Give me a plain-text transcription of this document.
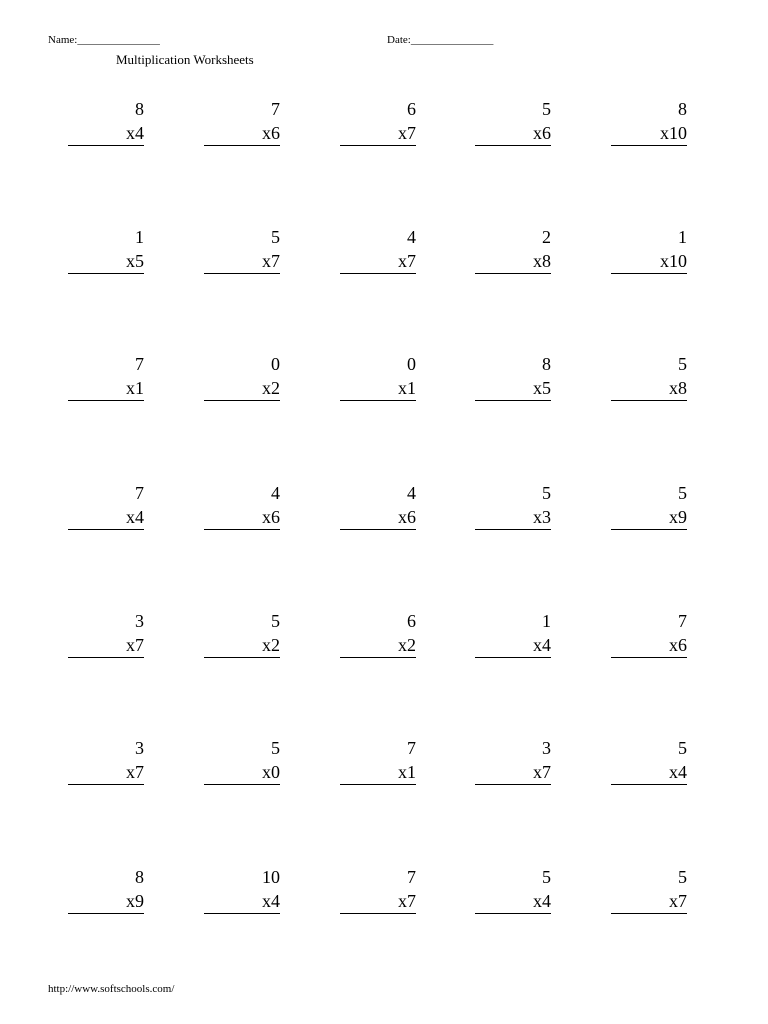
Name:_______________	Date:_______________
Multiplication Worksheets
8
x4
7
x6
6
x7
5
x6
8
x10
1
x5
5
x7
4
x7
2
x8
1
x10
7
x1
0
x2
0
x1
8
x5
5
x8
7
x4
4
x6
4
x6
5
x3
5
x9
3
x7
5
x2
6
x2
1
x4
7
x6
3
x7
5
x0
7
x1
3
x7
5
x4
8
x9
10
x4
7
x7
5
x4
5
x7
http://www.softschools.com/
